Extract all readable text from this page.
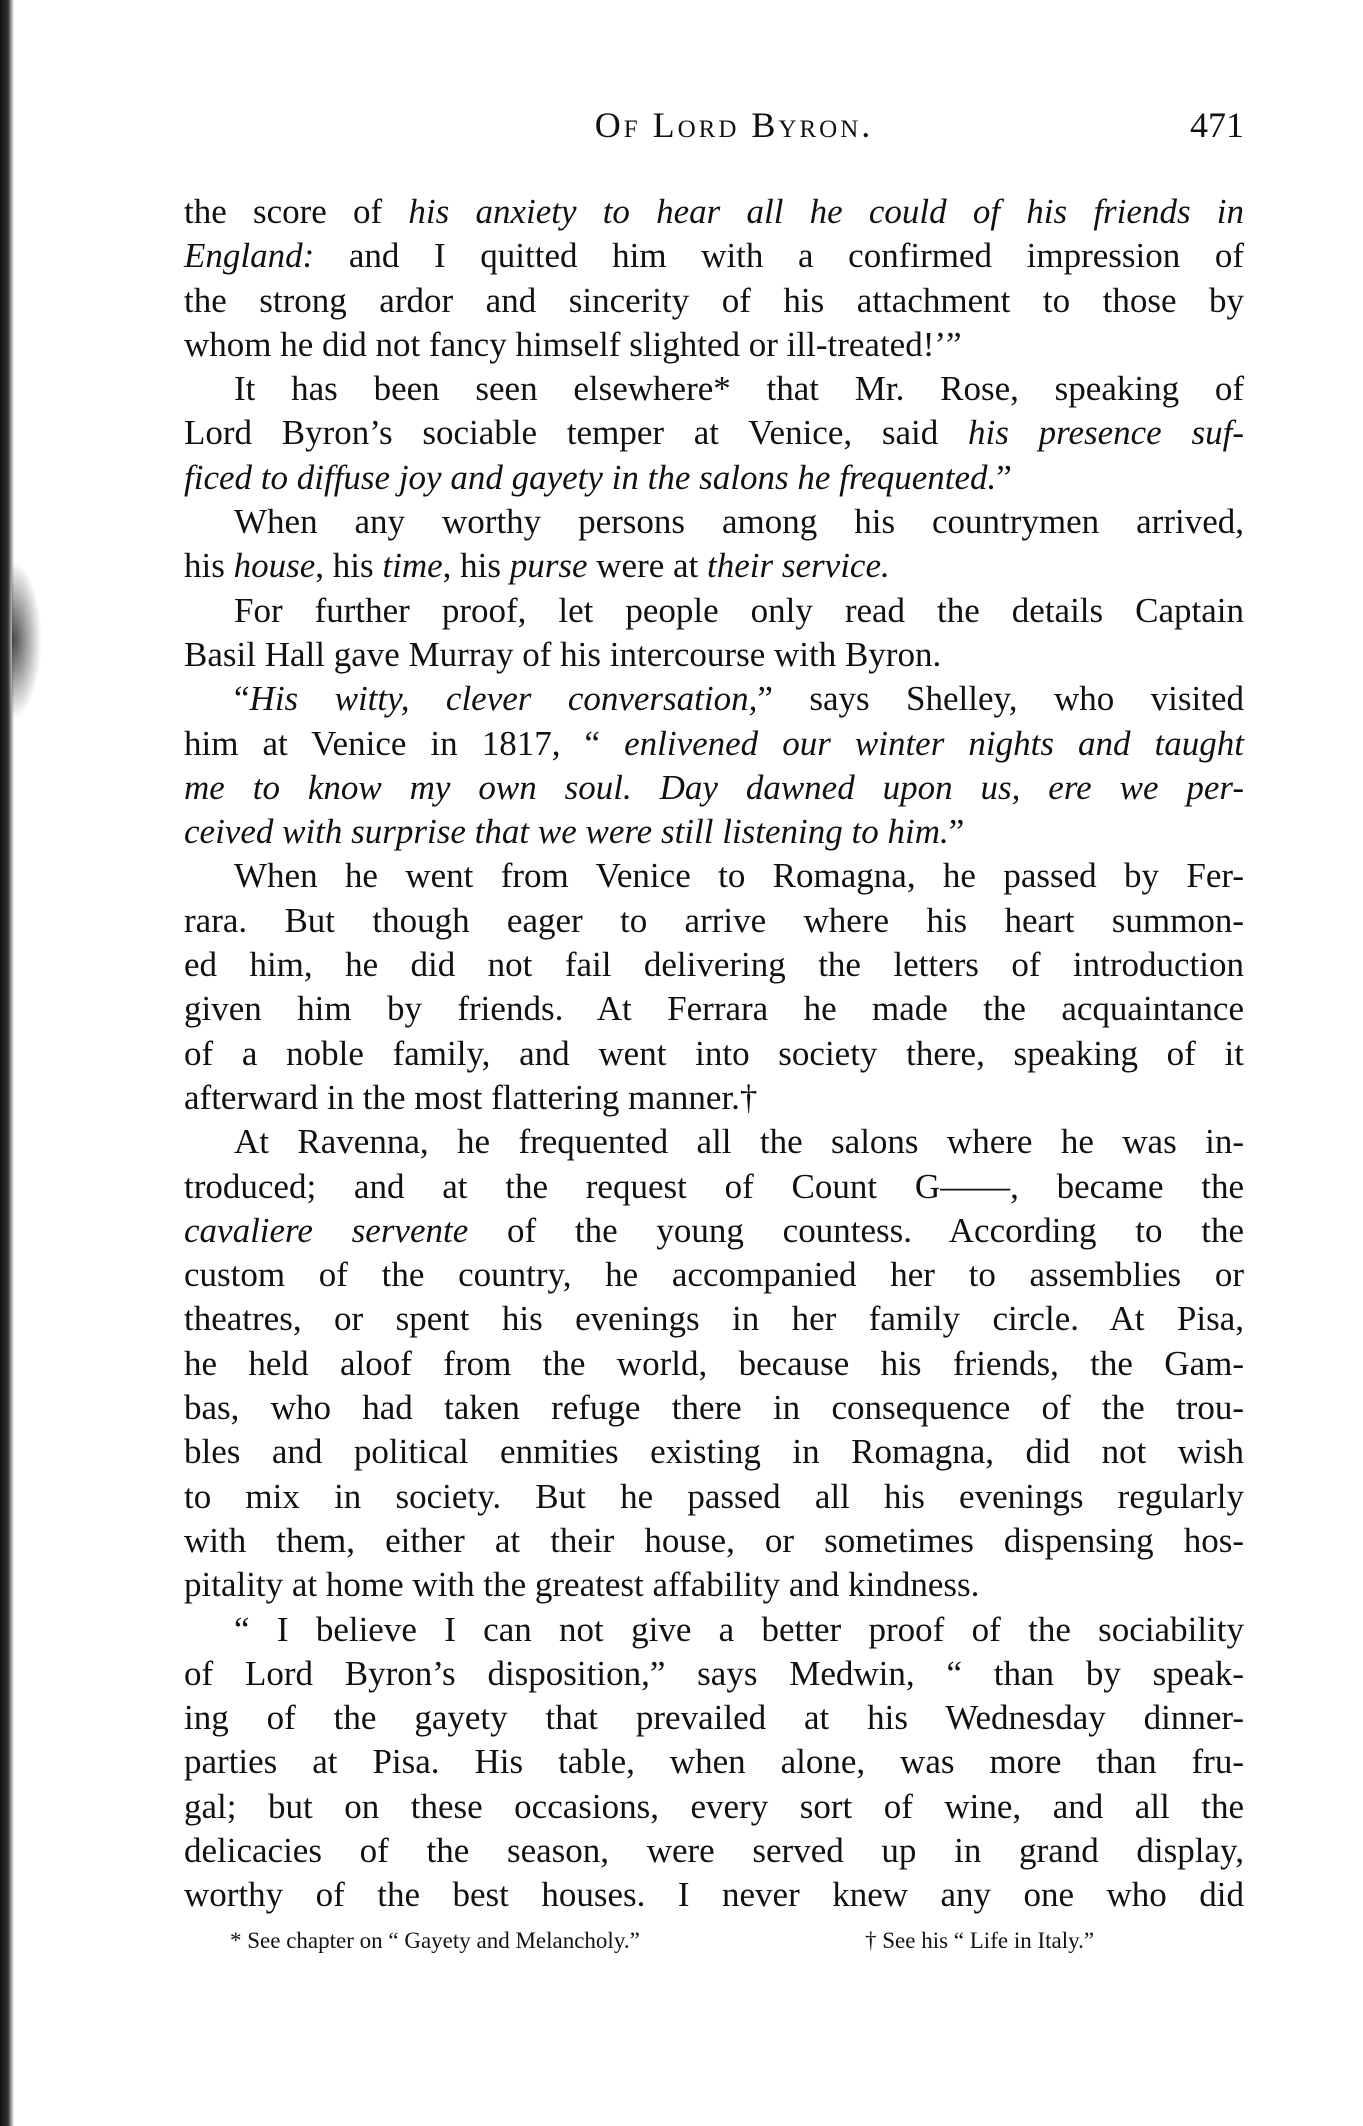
Of Lord Byron.	471
the score of his anxiety to hear all he could of his friends in
England: and I quitted him with a confirmed impression of
the strong ardor and sincerity of his attachment to those by
whom he did not fancy himself slighted or ill-treated!’”
It has been seen elsewhere* that Mr. Rose, speaking of
Lord Byron’s sociable temper at Venice, said his presence suf-
ficed to diffuse joy and gayety in the salons he frequented.”
When any worthy persons among his countrymen arrived,
his house, his time, his purse were at their service.
For further proof, let people only read the details Captain
Basil Hall gave Murray of his intercourse with Byron.
“His witty, clever conversation,” says Shelley, who visited
him at Venice in 1817, “ enlivened our winter nights and taught
me to know my own soul. Day dawned upon us, ere we per-
ceived with surprise that we were still listening to him.”
When he went from Venice to Romagna, he passed by Fer-
rara. But though eager to arrive where his heart summon-
ed him, he did not fail delivering the letters of introduction
given him by friends. At Ferrara he made the acquaintance
of a noble family, and went into society there, speaking of it
afterward in the most flattering manner.†
At Ravenna, he frequented all the salons where he was in-
troduced; and at the request of Count G——, became the
cavaliere servente of the young countess. According to the
custom of the country, he accompanied her to assemblies or
theatres, or spent his evenings in her family circle. At Pisa,
he held aloof from the world, because his friends, the Gam-
bas, who had taken refuge there in consequence of the trou-
bles and political enmities existing in Romagna, did not wish
to mix in society. But he passed all his evenings regularly
with them, either at their house, or sometimes dispensing hos-
pitality at home with the greatest affability and kindness.
“ I believe I can not give a better proof of the sociability
of Lord Byron’s disposition,” says Medwin, “ than by speak-
ing of the gayety that prevailed at his Wednesday dinner-
parties at Pisa. His table, when alone, was more than fru-
gal; but on these occasions, every sort of wine, and all the
delicacies of the season, were served up in grand display,
worthy of the best houses. I never knew any one who did
* See chapter on “ Gayety and Melancholy.”	† See his “ Life in Italy.”
